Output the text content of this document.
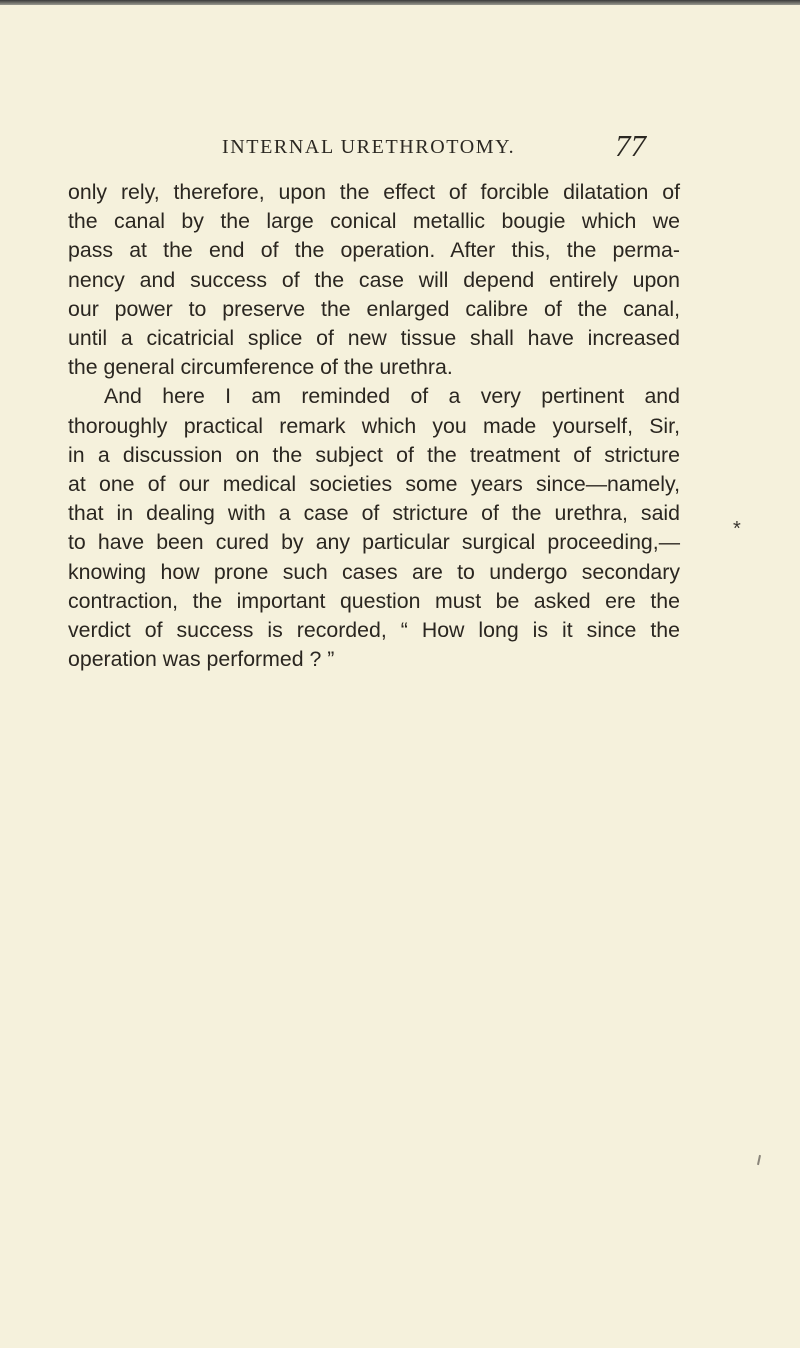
INTERNAL URETHROTOMY.	77
only rely, therefore, upon the effect of forcible dilatation of
the canal by the large conical metallic bougie which we
pass at the end of the operation. After this, the perma-
nency and success of the case will depend entirely upon
our power to preserve the enlarged calibre of the canal,
until a cicatricial splice of new tissue shall have increased
the general circumference of the urethra.
And here I am reminded of a very pertinent and
thoroughly practical remark which you made yourself, Sir,
in a discussion on the subject of the treatment of stricture
at one of our medical societies some years since—namely,
that in dealing with a case of stricture of the urethra, said
to have been cured by any particular surgical proceeding,—
knowing how prone such cases are to undergo secondary
contraction, the important question must be asked ere the
verdict of success is recorded, “ How long is it since the
operation was performed ? ”
*
